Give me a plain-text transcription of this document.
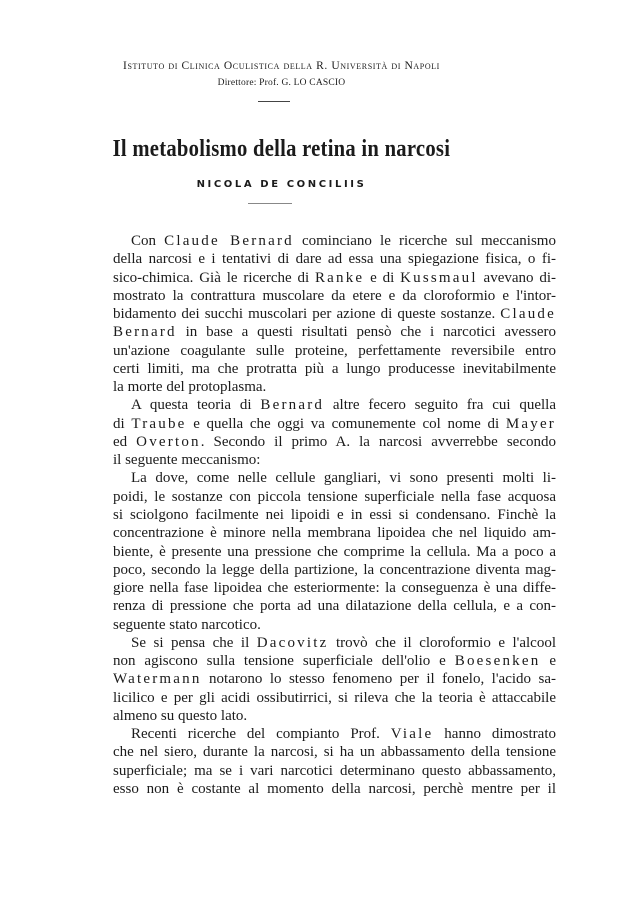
Istituto di Clinica Oculistica della R. Università di Napoli
Direttore: Prof. G. LO CASCIO
Il metabolismo della retina in narcosi
NICOLA DE CONCILIIS
Con Claude Bernard cominciano le ricerche sul meccanismo
della narcosi e i tentativi di dare ad essa una spiegazione fisica, o fi-
sico-chimica. Già le ricerche di Ranke e di Kussmaul avevano di-
mostrato la contrattura muscolare da etere e da cloroformio e l'intor-
bidamento dei succhi muscolari per azione di queste sostanze. Claude
Bernard in base a questi risultati pensò che i narcotici avessero
un'azione coagulante sulle proteine, perfettamente reversibile entro
certi limiti, ma che protratta più a lungo producesse inevitabilmente
la morte del protoplasma.
A questa teoria di Bernard altre fecero seguito fra cui quella
di Traube e quella che oggi va comunemente col nome di Mayer
ed Overton. Secondo il primo A. la narcosi avverrebbe secondo
il seguente meccanismo:
La dove, come nelle cellule gangliari, vi sono presenti molti li-
poidi, le sostanze con piccola tensione superficiale nella fase acquosa
si sciolgono facilmente nei lipoidi e in essi si condensano. Finchè la
concentrazione è minore nella membrana lipoidea che nel liquido am-
biente, è presente una pressione che comprime la cellula. Ma a poco a
poco, secondo la legge della partizione, la concentrazione diventa mag-
giore nella fase lipoidea che esteriormente: la conseguenza è una diffe-
renza di pressione che porta ad una dilatazione della cellula, e a con-
seguente stato narcotico.
Se si pensa che il Dacovitz trovò che il cloroformio e l'alcool
non agiscono sulla tensione superficiale dell'olio e Boesenken e
Watermann notarono lo stesso fenomeno per il fonelo, l'acido sa-
licilico e per gli acidi ossibutirrici, si rileva che la teoria è attaccabile
almeno su questo lato.
Recenti ricerche del compianto Prof. Viale hanno dimostrato
che nel siero, durante la narcosi, si ha un abbassamento della tensione
superficiale; ma se i vari narcotici determinano questo abbassamento,
esso non è costante al momento della narcosi, perchè mentre per il
